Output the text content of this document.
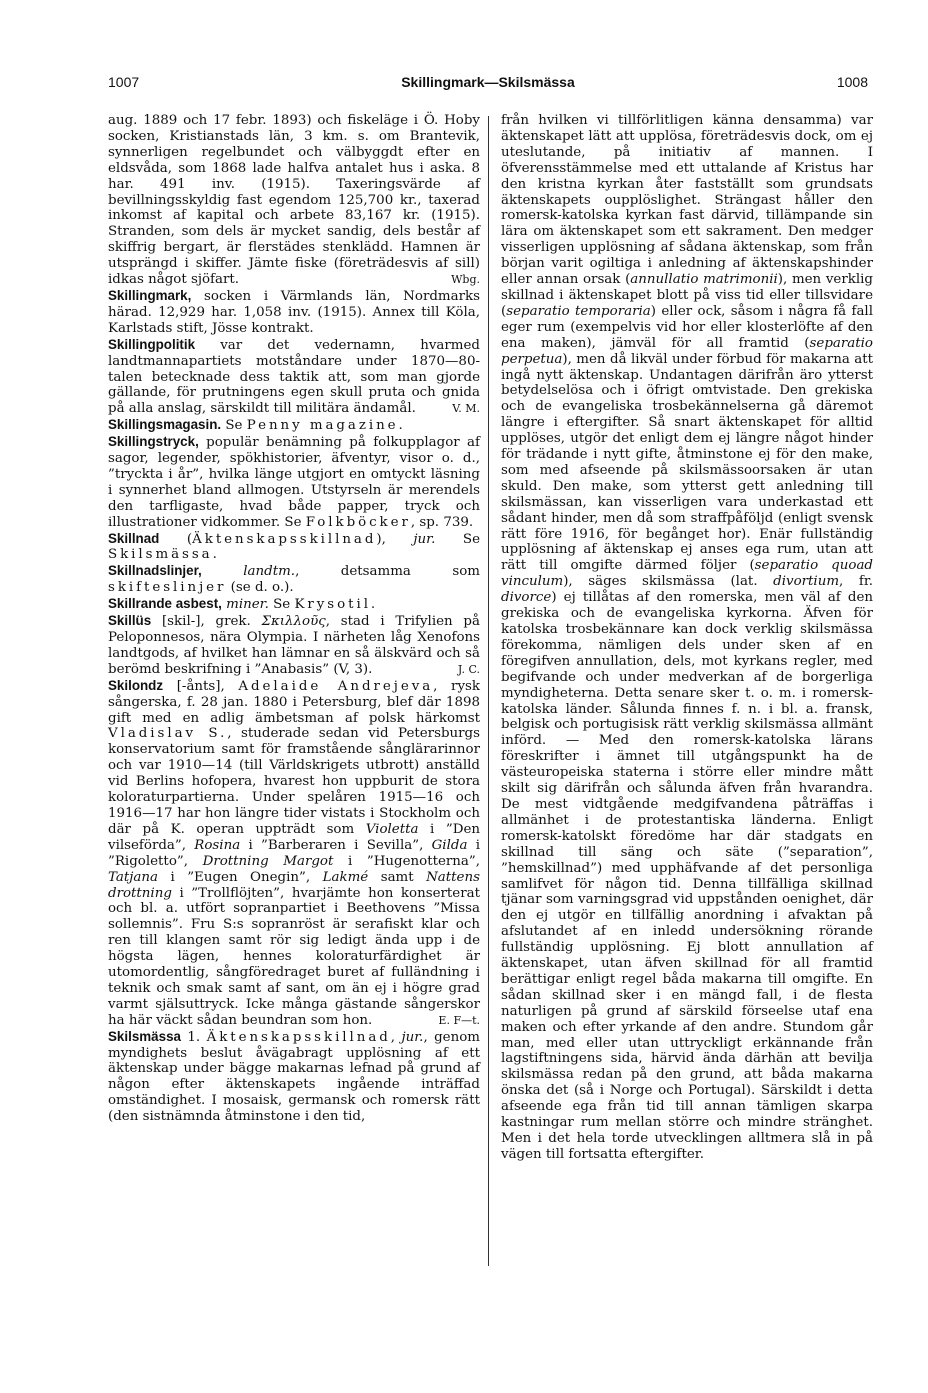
1007	Skillingmark—Skilsmässa	1008

aug. 1889 och 17 febr. 1893) och fiskeläge i Ö. Hoby socken, Kristianstads län, 3 km. s. om Brantevik, synnerligen regelbundet och välbyggdt efter en eldsvåda, som 1868 lade halfva antalet hus i aska. 8 har. 491 inv. (1915). Taxeringsvärde af bevillningsskyldig fast egendom 125,700 kr., taxerad inkomst af kapital och arbete 83,167 kr. (1915). Stranden, som dels är mycket sandig, dels består af skiffrig bergart, är flerstädes stenklädd. Hamnen är utsprängd i skiffer. Jämte fiske (företrädesvis af sill) idkas något sjöfart.	Wbg.

Skillingmark, socken i Värmlands län, Nordmarks härad. 12,929 har. 1,058 inv. (1915). Annex till Köla, Karlstads stift, Jösse kontrakt.

Skillingpolitik var det vedernamn, hvarmed landtmannapartiets motståndare under 1870—80-talen betecknade dess taktik att, som man gjorde gällande, för prutningens egen skull pruta och gnida på alla anslag, särskildt till militära ändamål.	V. M.

Skillingsmagasin. Se Penny magazine.

Skillingstryck, populär benämning på folkupplagor af sagor, legender, spökhistorier, äfventyr, visor o. d., ”tryckta i år”, hvilka länge utgjort en omtyckt läsning i synnerhet bland allmogen. Utstyrseln är merendels den tarfligaste, hvad både papper, tryck och illustrationer vidkommer. Se Folkböcker, sp. 739.

Skillnad (Äktenskapsskillnad), jur. Se Skilsmässa.

Skillnadslinjer, landtm., detsamma som skifteslinjer (se d. o.).

Skillrande asbest, miner. Se Krysotil.

Skillüs [skil-], grek. Σκιλλοῦς, stad i Trifylien på Peloponnesos, nära Olympia. I närheten låg Xenofons landtgods, af hvilket han lämnar en så älskvärd och så berömd beskrifning i ”Anabasis” (V, 3).	J. C.

Skilondz [-ånts], Adelaide Andrejeva, rysk sångerska, f. 28 jan. 1880 i Petersburg, blef där 1898 gift med en adlig ämbetsman af polsk härkomst Vladislav S., studerade sedan vid Petersburgs konservatorium samt för framstående sånglärarinnor och var 1910—14 (till Världskrigets utbrott) anställd vid Berlins hofopera, hvarest hon uppburit de stora koloraturpartierna. Under spelåren 1915—16 och 1916—17 har hon längre tider vistats i Stockholm och där på K. operan uppträdt som Violetta i ”Den vilseförda”, Rosina i ”Barberaren i Sevilla”, Gilda i ”Rigoletto”, Drottning Margot i ”Hugenotterna”, Tatjana i ”Eugen Onegin”, Lakmé samt Nattens drottning i ”Trollflöjten”, hvarjämte hon konserterat och bl. a. utfört sopranpartiet i Beethovens ”Missa sollemnis”. Fru S:s sopranröst är serafiskt klar och ren till klangen samt rör sig ledigt ända upp i de högsta lägen, hennes koloraturfärdighet är utomordentlig, sångföredraget buret af fulländning i teknik och smak samt af sant, om än ej i högre grad varmt själsuttryck. Icke många gästande sångerskor ha här väckt sådan beundran som hon.	E. F—t.

Skilsmässa 1. Äktenskapsskillnad, jur., genom myndighets beslut åvägabragt upplösning af ett äktenskap under bägge makarnas lefnad på grund af någon efter äktenskapets ingående inträffad omständighet. I mosaisk, germansk och romersk rätt (den sistnämnda åtminstone i den tid,

från hvilken vi tillförlitligen känna densamma) var äktenskapet lätt att upplösa, företrädesvis dock, om ej uteslutande, på initiativ af mannen. I öfverensstämmelse med ett uttalande af Kristus har den kristna kyrkan åter fastställt som grundsats äktenskapets oupplöslighet. Strängast håller den romersk-katolska kyrkan fast därvid, tillämpande sin lära om äktenskapet som ett sakrament. Den medger visserligen upplösning af sådana äktenskap, som från början varit ogiltiga i anledning af äktenskapshinder eller annan orsak (annullatio matrimonii), men verklig skillnad i äktenskapet blott på viss tid eller tillsvidare (separatio temporaria) eller ock, såsom i några få fall eger rum (exempelvis vid hor eller klosterlöfte af den ena maken), jämväl för all framtid (separatio perpetua), men då likväl under förbud för makarna att ingå nytt äktenskap. Undantagen därifrån äro ytterst betydelselösa och i öfrigt omtvistade. Den grekiska och de evangeliska trosbekännelserna gå däremot längre i eftergifter. Så snart äktenskapet för alltid upplöses, utgör det enligt dem ej längre något hinder för trädande i nytt gifte, åtminstone ej för den make, som med afseende på skilsmässoorsaken är utan skuld. Den make, som ytterst gett anledning till skilsmässan, kan visserligen vara underkastad ett sådant hinder, men då som straffpåföljd (enligt svensk rätt före 1916, för begånget hor). Enär fullständig upplösning af äktenskap ej anses ega rum, utan att rätt till omgifte därmed följer (separatio quoad vinculum), säges skilsmässa (lat. divortium, fr. divorce) ej tillåtas af den romerska, men väl af den grekiska och de evangeliska kyrkorna. Äfven för katolska trosbekännare kan dock verklig skilsmässa förekomma, nämligen dels under sken af en föregifven annullation, dels, mot kyrkans regler, med begifvande och under medverkan af de borgerliga myndigheterna. Detta senare sker t. o. m. i romersk-katolska länder. Sålunda finnes f. n. i bl. a. fransk, belgisk och portugisisk rätt verklig skilsmässa allmänt införd. — Med den romersk-katolska lärans föreskrifter i ämnet till utgångspunkt ha de västeuropeiska staterna i större eller mindre mått skilt sig därifrån och sålunda äfven från hvarandra. De mest vidtgående medgifvandena påträffas i allmänhet i de protestantiska länderna. Enligt romersk-katolskt föredöme har där stadgats en skillnad till säng och säte (”separation”, ”hemskillnad”) med upphäfvande af det personliga samlifvet för någon tid. Denna tillfälliga skillnad tjänar som varningsgrad vid uppstånden oenighet, där den ej utgör en tillfällig anordning i afvaktan på afslutandet af en inledd undersökning rörande fullständig upplösning. Ej blott annullation af äktenskapet, utan äfven skillnad för all framtid berättigar enligt regel båda makarna till omgifte. En sådan skillnad sker i en mängd fall, i de flesta naturligen på grund af särskild förseelse utaf ena maken och efter yrkande af den andre. Stundom går man, med eller utan uttryckligt erkännande från lagstiftningens sida, härvid ända därhän att bevilja skilsmässa redan på den grund, att båda makarna önska det (så i Norge och Portugal). Särskildt i detta afseende ega från tid till annan tämligen skarpa kastningar rum mellan större och mindre stränghet. Men i det hela torde utvecklingen alltmera slå in på vägen till fortsatta eftergifter.
